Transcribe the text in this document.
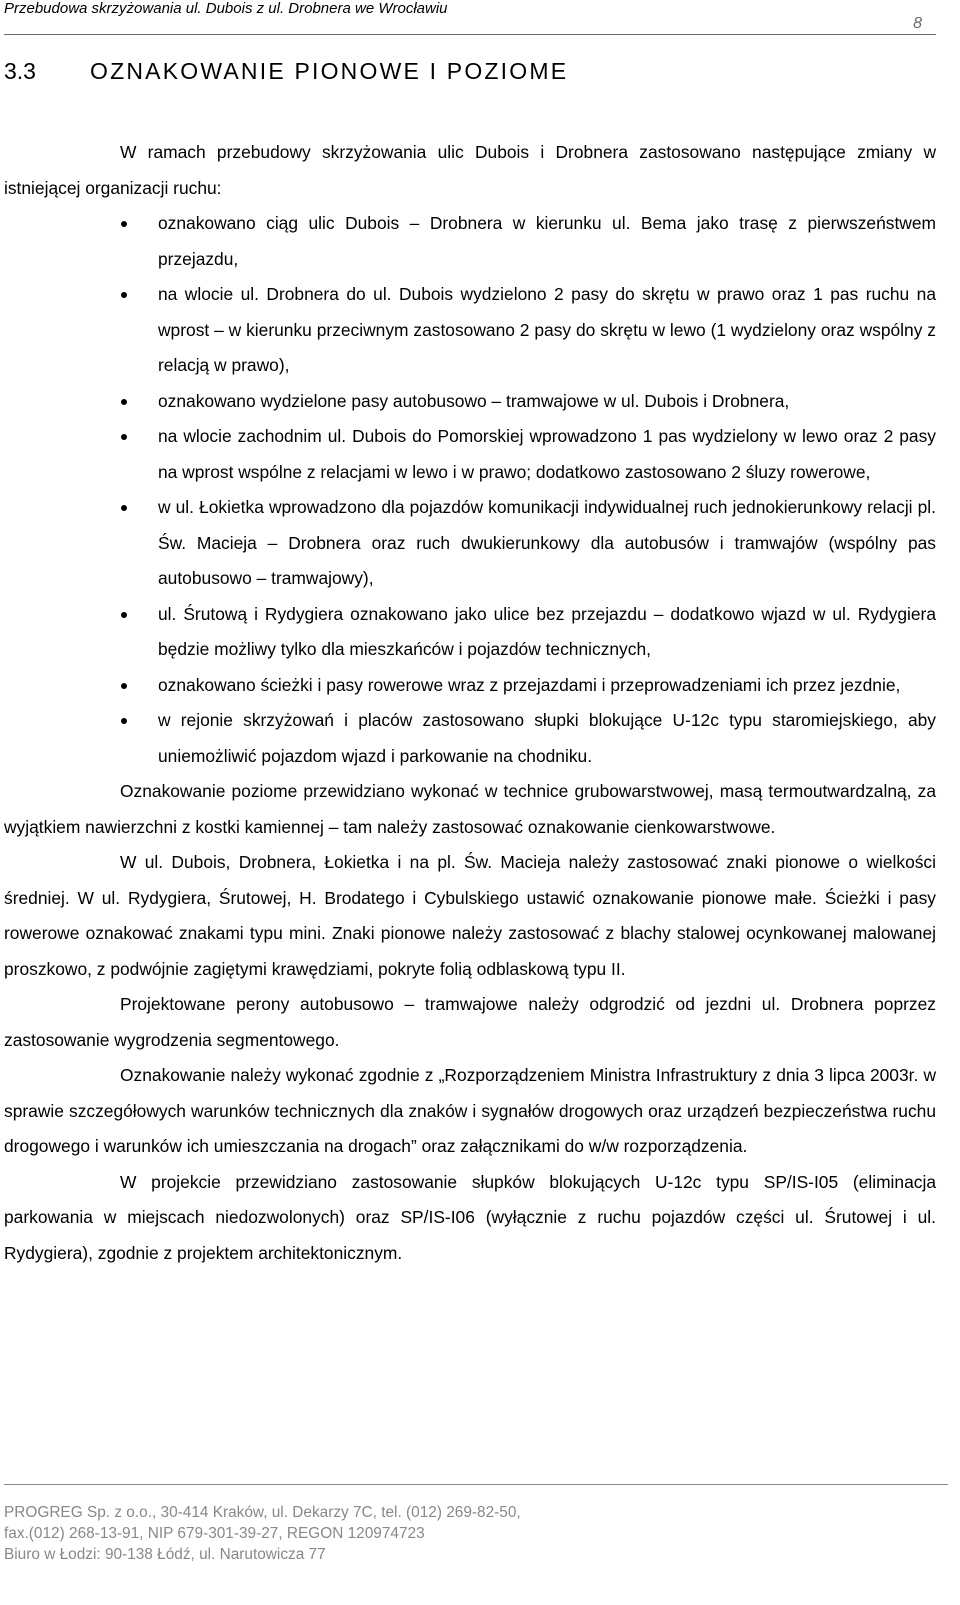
Przebudowa skrzyżowania ul. Dubois z ul. Drobnera we Wrocławiu
8
3.3 OZNAKOWANIE PIONOWE I POZIOME

W ramach przebudowy skrzyżowania ulic Dubois i Drobnera zastosowano następujące zmiany w istniejącej organizacji ruchu:

oznakowano ciąg ulic Dubois – Drobnera w kierunku ul. Bema jako trasę z pierwszeństwem przejazdu,
na wlocie ul. Drobnera do ul. Dubois wydzielono 2 pasy do skrętu w prawo oraz 1 pas ruchu na wprost – w kierunku przeciwnym zastosowano 2 pasy do skrętu w lewo (1 wydzielony oraz wspólny z relacją w prawo),
oznakowano wydzielone pasy autobusowo – tramwajowe w ul. Dubois i Drobnera,
na wlocie zachodnim ul. Dubois do Pomorskiej wprowadzono 1 pas wydzielony w lewo oraz 2 pasy na wprost wspólne z relacjami w lewo i w prawo; dodatkowo zastosowano 2 śluzy rowerowe,
w ul. Łokietka wprowadzono dla pojazdów komunikacji indywidualnej ruch jednokierunkowy relacji pl. Św. Macieja – Drobnera oraz ruch dwukierunkowy dla autobusów i tramwajów (wspólny pas autobusowo – tramwajowy),
ul. Śrutową i Rydygiera oznakowano jako ulice bez przejazdu – dodatkowo wjazd w ul. Rydygiera będzie możliwy tylko dla mieszkańców i pojazdów technicznych,
oznakowano ścieżki i pasy rowerowe wraz z przejazdami i przeprowadzeniami ich przez jezdnie,
w rejonie skrzyżowań i placów zastosowano słupki blokujące U-12c typu staromiejskiego, aby uniemożliwić pojazdom wjazd i parkowanie na chodniku.

Oznakowanie poziome przewidziano wykonać w technice grubowarstwowej, masą termoutwardzalną, za wyjątkiem nawierzchni z kostki kamiennej – tam należy zastosować oznakowanie cienkowarstwowe.

W ul. Dubois, Drobnera, Łokietka i na pl. Św. Macieja należy zastosować znaki pionowe o wielkości średniej. W ul. Rydygiera, Śrutowej, H. Brodatego i Cybulskiego ustawić oznakowanie pionowe małe. Ścieżki i pasy rowerowe oznakować znakami typu mini. Znaki pionowe należy zastosować z blachy stalowej ocynkowanej malowanej proszkowo, z podwójnie zagiętymi krawędziami, pokryte folią odblaskową typu II.

Projektowane perony autobusowo – tramwajowe należy odgrodzić od jezdni ul. Drobnera poprzez zastosowanie wygrodzenia segmentowego.

Oznakowanie należy wykonać zgodnie z „Rozporządzeniem Ministra Infrastruktury z dnia 3 lipca 2003r. w sprawie szczegółowych warunków technicznych dla znaków i sygnałów drogowych oraz urządzeń bezpieczeństwa ruchu drogowego i warunków ich umieszczania na drogach” oraz załącznikami do w/w rozporządzenia.

W projekcie przewidziano zastosowanie słupków blokujących U-12c typu SP/IS-I05 (eliminacja parkowania w miejscach niedozwolonych) oraz SP/IS-I06 (wyłącznie z ruchu pojazdów części ul. Śrutowej i ul. Rydygiera), zgodnie z projektem architektonicznym.

PROGREG Sp. z o.o., 30-414 Kraków, ul. Dekarzy 7C, tel. (012) 269-82-50,
fax.(012) 268-13-91, NIP 679-301-39-27, REGON 120974723
Biuro w Łodzi: 90-138 Łódź, ul. Narutowicza 77
